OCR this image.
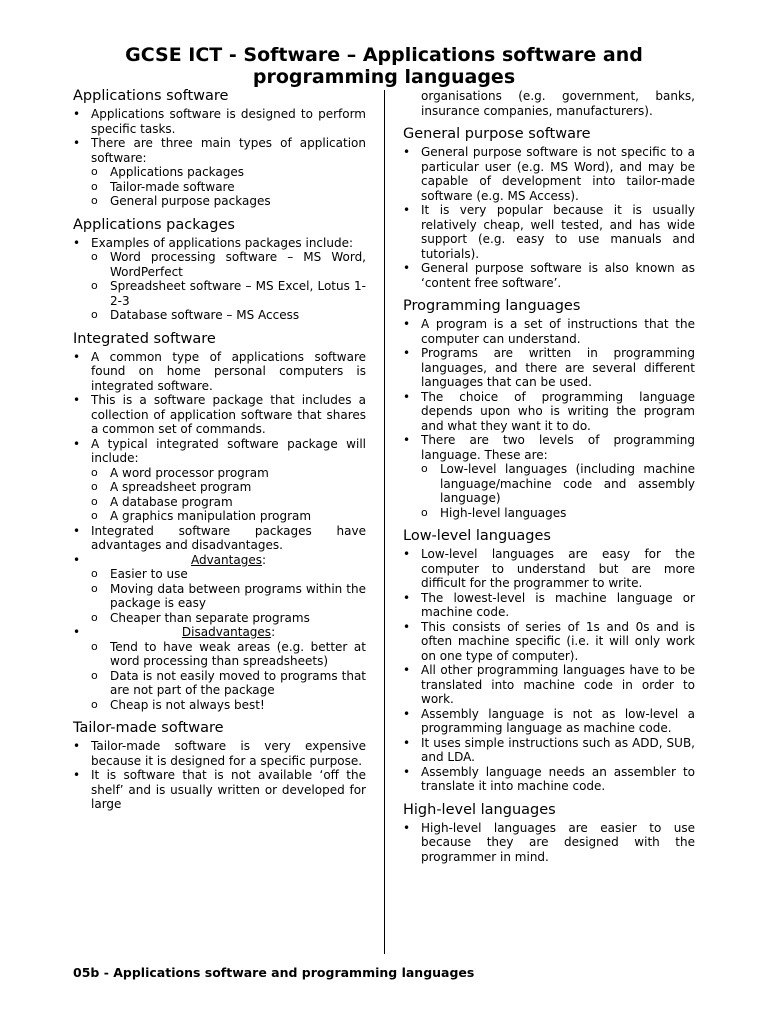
GCSE ICT - Software – Applications software and
programming languages
Applications software

• Applications software is designed to perform specific tasks.

• There are three main types of application software:

o Applications packages

o Tailor-made software

o General purpose packages

Applications packages

• Examples of applications packages include:

o Word processing software – MS Word, WordPerfect

o Spreadsheet software – MS Excel, Lotus 1-2-3

o Database software – MS Access

Integrated software

• A common type of applications software found on home personal computers is integrated software.

• This is a software package that includes a collection of application software that shares a common set of commands.

• A typical integrated software package will include:

o A word processor program

o A spreadsheet program

o A database program

o A graphics manipulation program

• Integrated software packages have advantages and disadvantages.

• Advantages:

o Easier to use

o Moving data between programs within the package is easy

o Cheaper than separate programs

• Disadvantages:

o Tend to have weak areas (e.g. better at word processing than spreadsheets)

o Data is not easily moved to programs that are not part of the package

o Cheap is not always best!

Tailor-made software

• Tailor-made software is very expensive because it is designed for a specific purpose.

• It is software that is not available ‘off the shelf’ and is usually written or developed for large

organisations (e.g. government, banks, insurance companies, manufacturers).

General purpose software

• General purpose software is not specific to a particular user (e.g. MS Word), and may be capable of development into tailor-made software (e.g. MS Access).

• It is very popular because it is usually relatively cheap, well tested, and has wide support (e.g. easy to use manuals and tutorials).

• General purpose software is also known as ‘content free software’.

Programming languages

• A program is a set of instructions that the computer can understand.

• Programs are written in programming languages, and there are several different languages that can be used.

• The choice of programming language depends upon who is writing the program and what they want it to do.

• There are two levels of programming language. These are:

o Low-level languages (including machine language/machine code and assembly language)

o High-level languages

Low-level languages

• Low-level languages are easy for the computer to understand but are more difficult for the programmer to write.

• The lowest-level is machine language or machine code.

• This consists of series of 1s and 0s and is often machine specific (i.e. it will only work on one type of computer).

• All other programming languages have to be translated into machine code in order to work.

• Assembly language is not as low-level a programming language as machine code.

• It uses simple instructions such as ADD, SUB, and LDA.

• Assembly language needs an assembler to translate it into machine code.

High-level languages

• High-level languages are easier to use because they are designed with the programmer in mind.

05b - Applications software and programming languages
